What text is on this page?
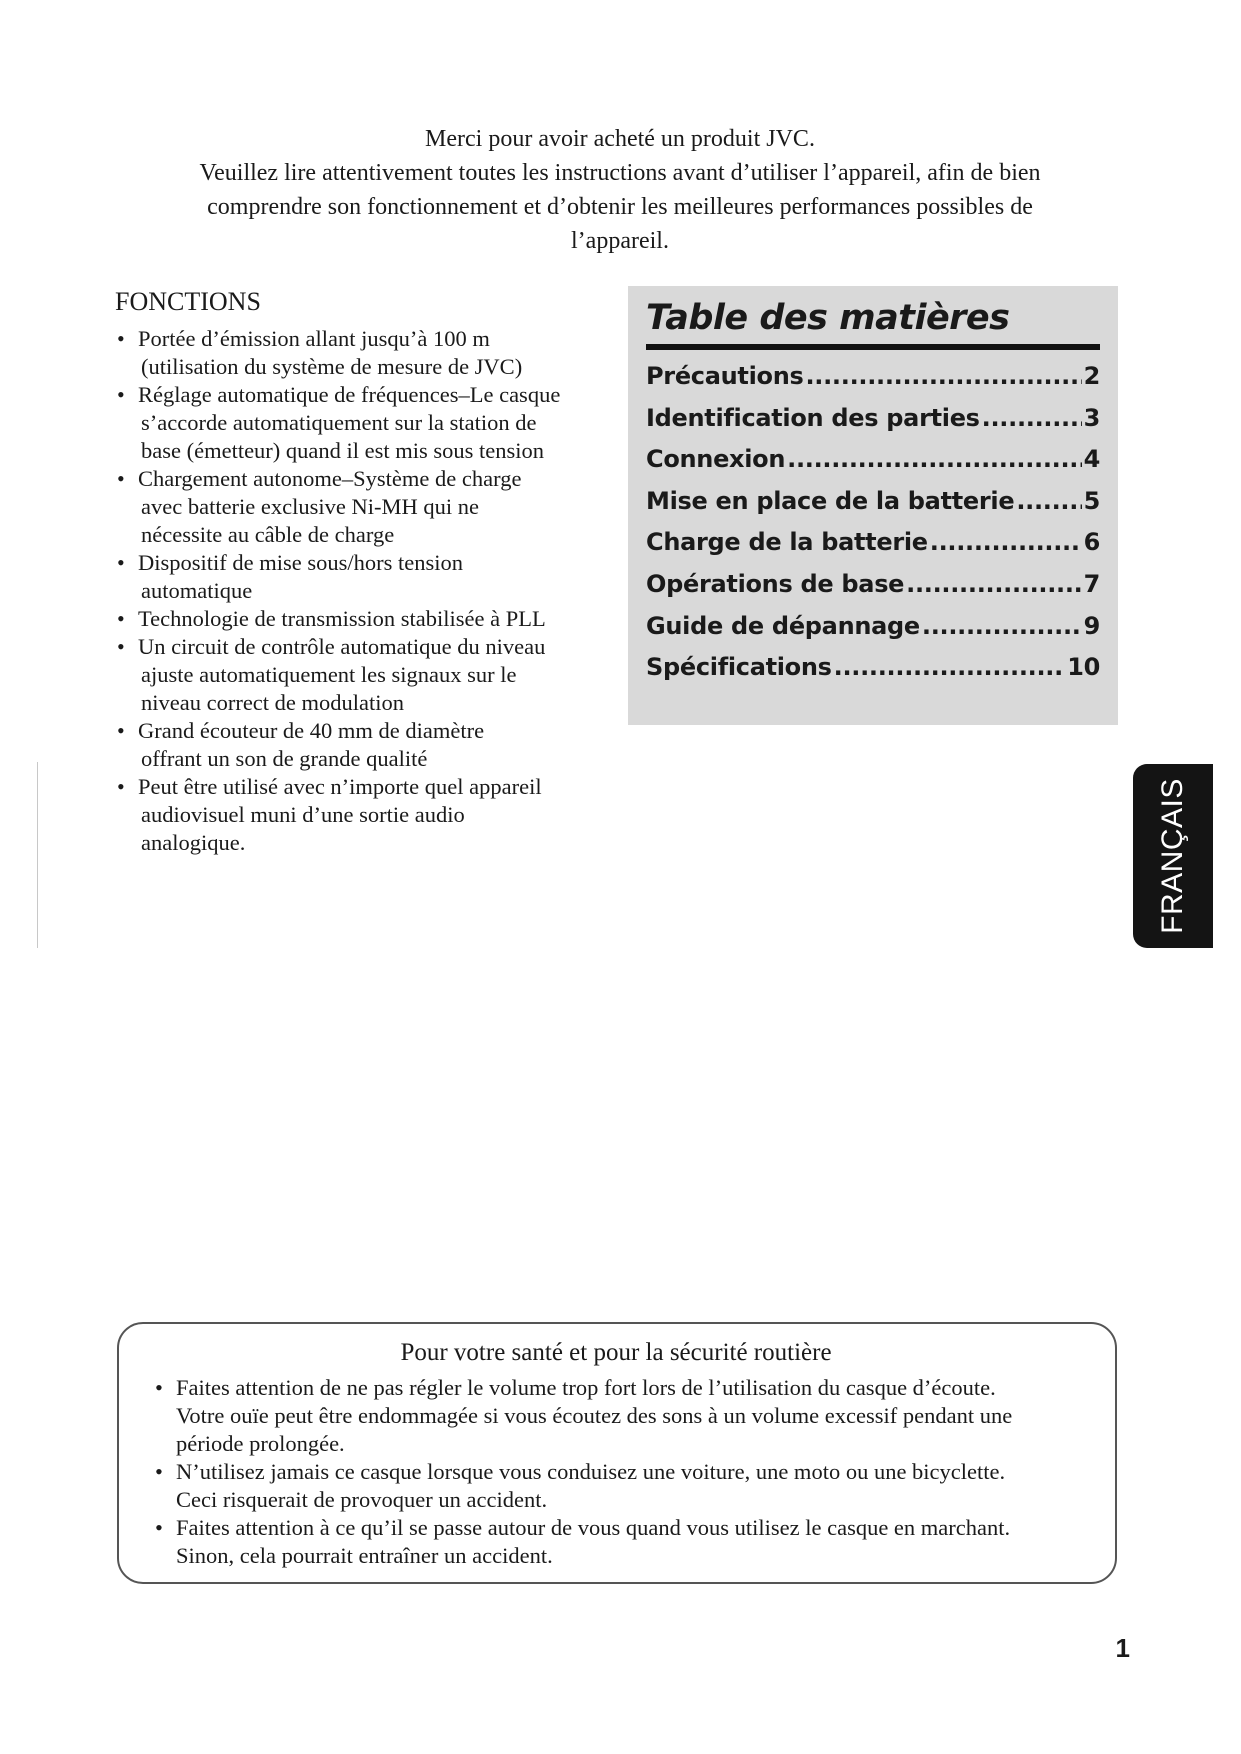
Merci pour avoir acheté un produit JVC.

Veuillez lire attentivement toutes les instructions avant d’utiliser l’appareil, afin de bien

comprendre son fonctionnement et d’obtenir les meilleures performances possibles de

l’appareil.

FONCTIONS
• Portée d’émission allant jusqu’à 100 m
(utilisation du système de mesure de JVC)
• Réglage automatique de fréquences–Le casque
s’accorde automatiquement sur la station de
base (émetteur) quand il est mis sous tension
• Chargement autonome–Système de charge
avec batterie exclusive Ni-MH qui ne
nécessite au câble de charge
• Dispositif de mise sous/hors tension
automatique
• Technologie de transmission stabilisée à PLL
• Un circuit de contrôle automatique du niveau
ajuste automatiquement les signaux sur le
niveau correct de modulation
• Grand écouteur de 40 mm de diamètre
offrant un son de grande qualité
• Peut être utilisé avec n’importe quel appareil
audiovisuel muni d’une sortie audio
analogique.
Table des matières
Précautions .....	2
Identification des parties .....	3
Connexion .....	4
Mise en place de la batterie .....	5
Charge de la batterie .....	6
Opérations de base .....	7
Guide de dépannage .....	9
Spécifications .....	10
FRANÇAIS
Pour votre santé et pour la sécurité routière
• Faites attention de ne pas régler le volume trop fort lors de l’utilisation du casque d’écoute.
Votre ouïe peut être endommagée si vous écoutez des sons à un volume excessif pendant une
période prolongée.
• N’utilisez jamais ce casque lorsque vous conduisez une voiture, une moto ou une bicyclette.
Ceci risquerait de provoquer un accident.
• Faites attention à ce qu’il se passe autour de vous quand vous utilisez le casque en marchant.
Sinon, cela pourrait entraîner un accident.
1
